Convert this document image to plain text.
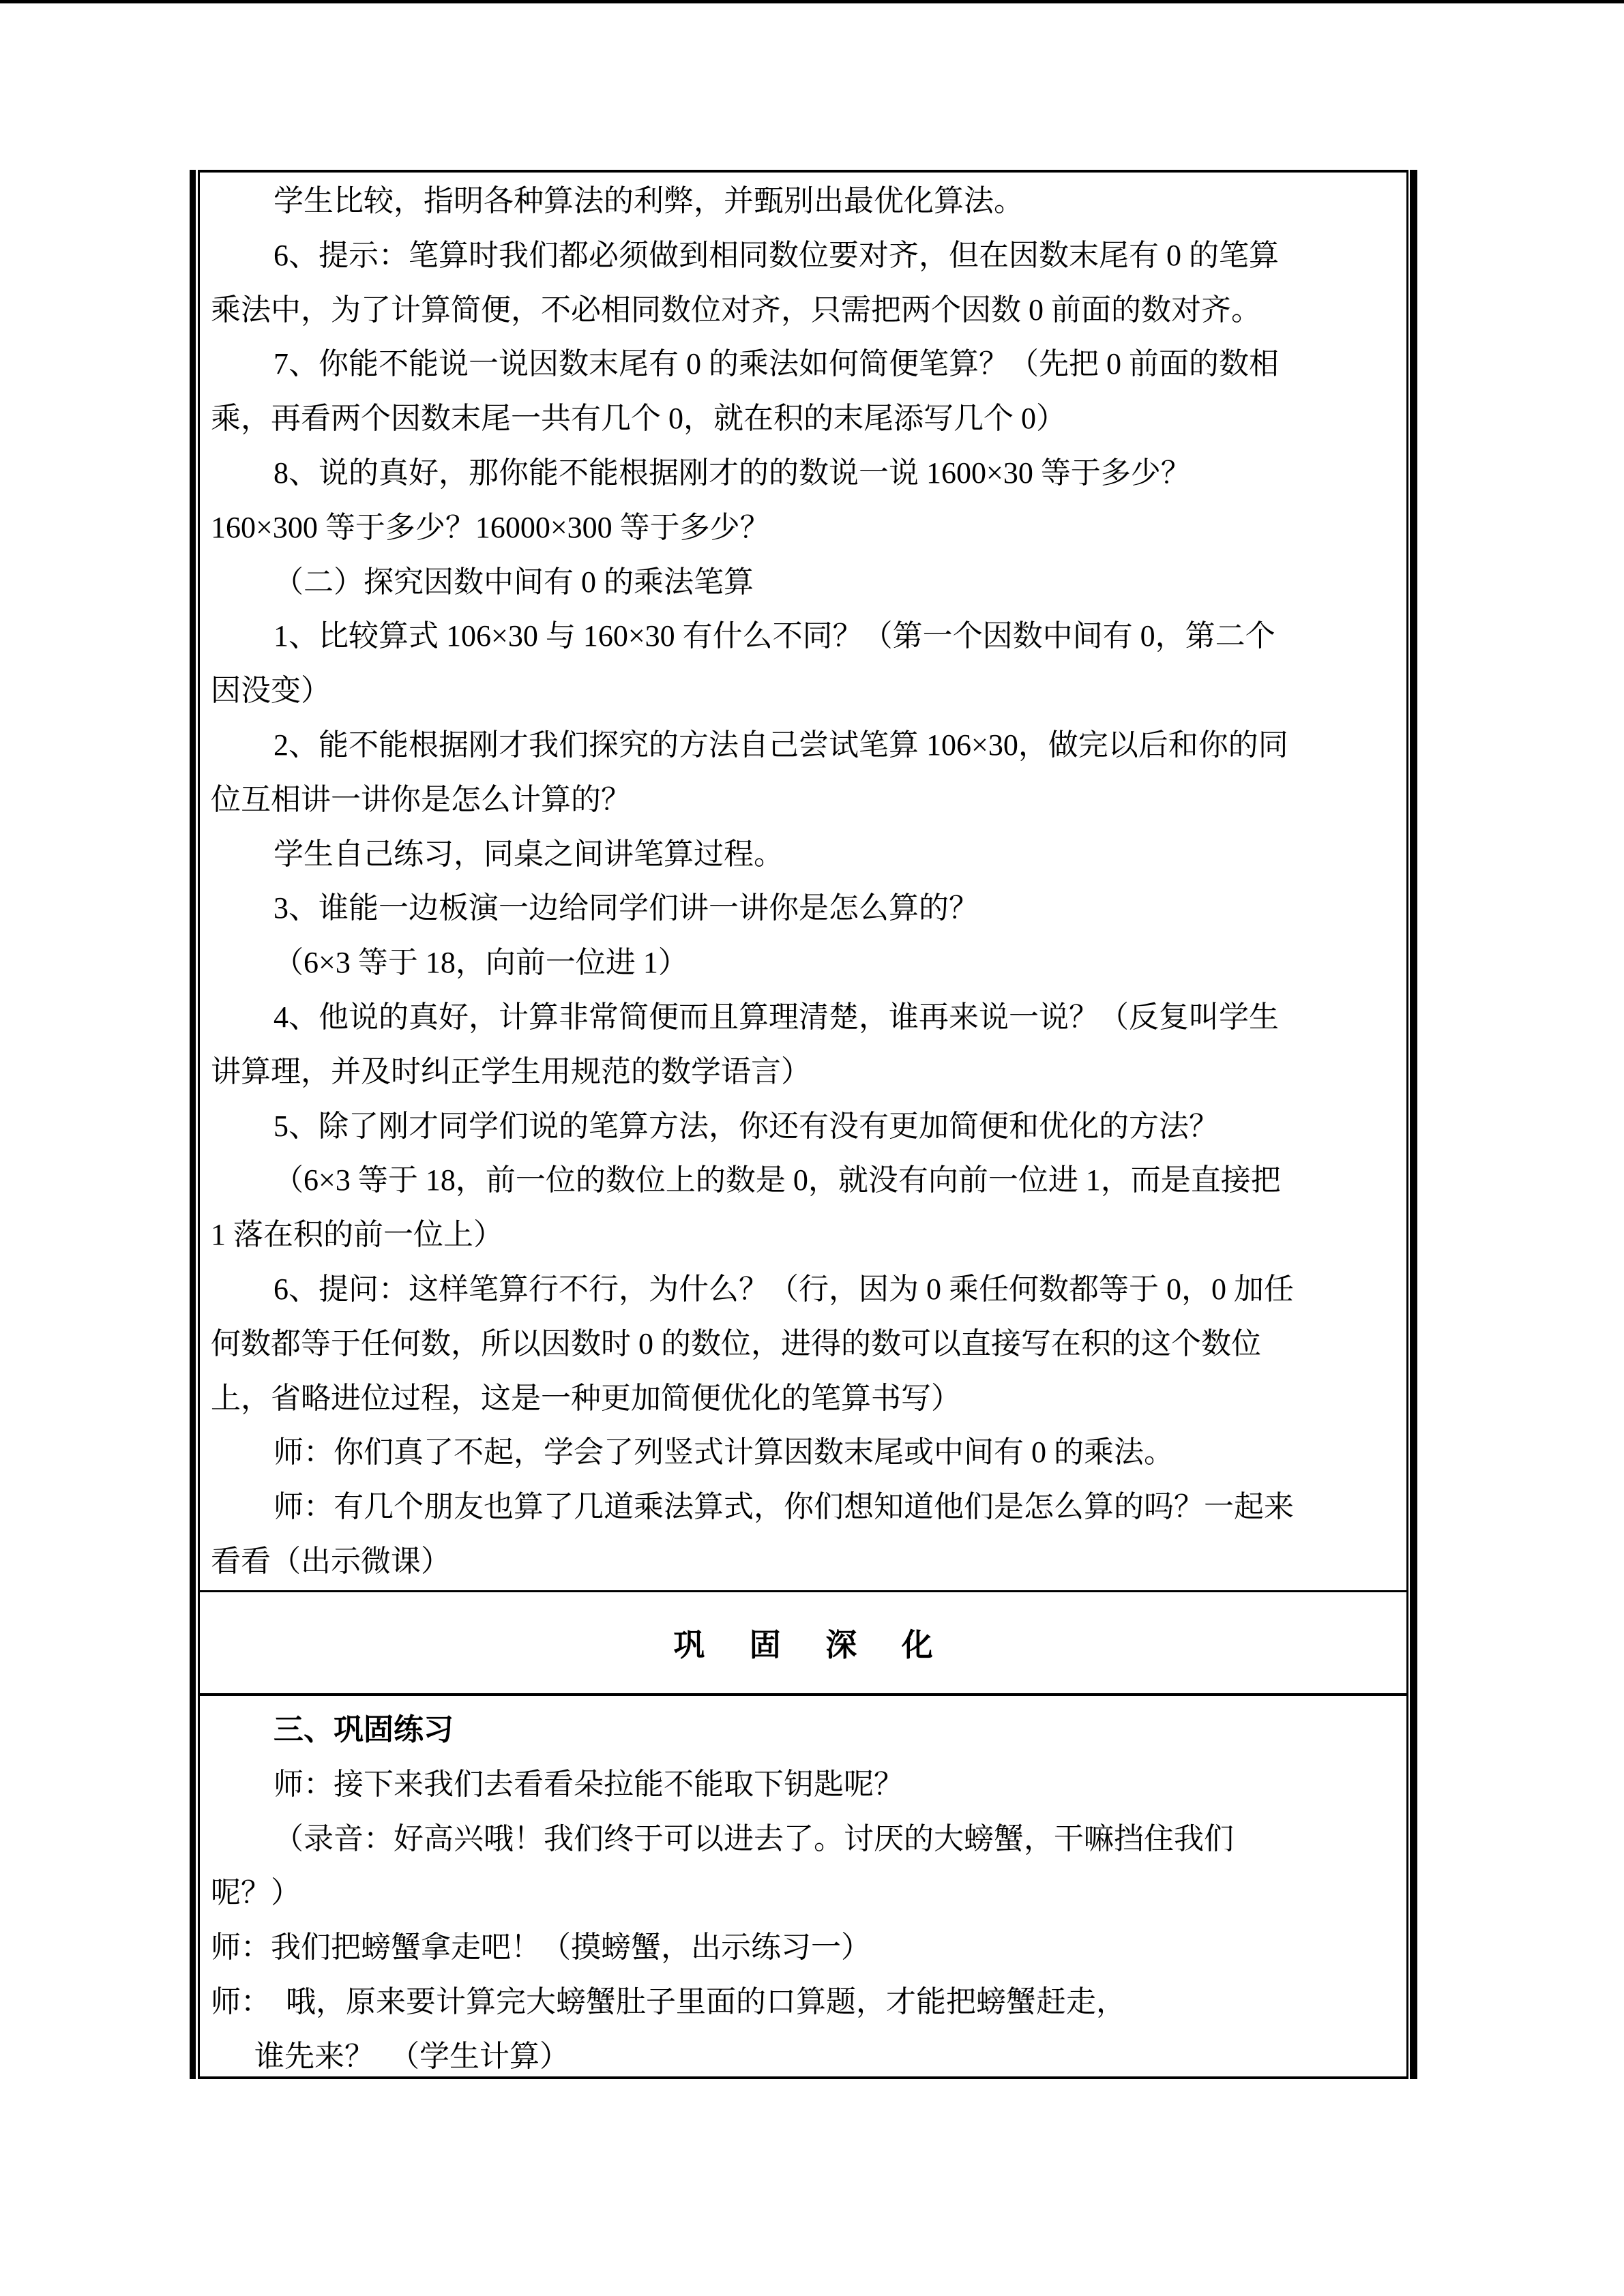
学生比较，指明各种算法的利弊，并甄别出最优化算法。
6、提示：笔算时我们都必须做到相同数位要对齐，但在因数末尾有 0 的笔算
乘法中，为了计算简便，不必相同数位对齐，只需把两个因数 0 前面的数对齐。
7、你能不能说一说因数末尾有 0 的乘法如何简便笔算？（先把 0 前面的数相
乘，再看两个因数末尾一共有几个 0，就在积的末尾添写几个 0）
8、说的真好，那你能不能根据刚才的的数说一说 1600×30 等于多少？
160×300 等于多少？16000×300 等于多少？
（二）探究因数中间有 0 的乘法笔算
1、比较算式 106×30 与 160×30 有什么不同？（第一个因数中间有 0，第二个
因没变）
2、能不能根据刚才我们探究的方法自己尝试笔算 106×30，做完以后和你的同
位互相讲一讲你是怎么计算的？
学生自己练习，同桌之间讲笔算过程。
3、谁能一边板演一边给同学们讲一讲你是怎么算的？
（6×3 等于 18，向前一位进 1）
4、他说的真好，计算非常简便而且算理清楚，谁再来说一说？（反复叫学生
讲算理，并及时纠正学生用规范的数学语言）
5、除了刚才同学们说的笔算方法，你还有没有更加简便和优化的方法？
（6×3 等于 18，前一位的数位上的数是 0，就没有向前一位进 1，而是直接把
1 落在积的前一位上）
6、提问：这样笔算行不行，为什么？（行，因为 0 乘任何数都等于 0，0 加任
何数都等于任何数，所以因数时 0 的数位，进得的数可以直接写在积的这个数位
上，省略进位过程，这是一种更加简便优化的笔算书写）
师：你们真了不起，学会了列竖式计算因数末尾或中间有 0 的乘法。
师：有几个朋友也算了几道乘法算式，你们想知道他们是怎么算的吗？一起来
看看（出示微课）
巩 固 深 化
三、巩固练习
师：接下来我们去看看朵拉能不能取下钥匙呢？
（录音：好高兴哦！我们终于可以进去了。讨厌的大螃蟹，干嘛挡住我们
呢？）
师：我们把螃蟹拿走吧！（摸螃蟹，出示练习一）
师：　哦，原来要计算完大螃蟹肚子里面的口算题，才能把螃蟹赶走，
谁先来？　（学生计算）
